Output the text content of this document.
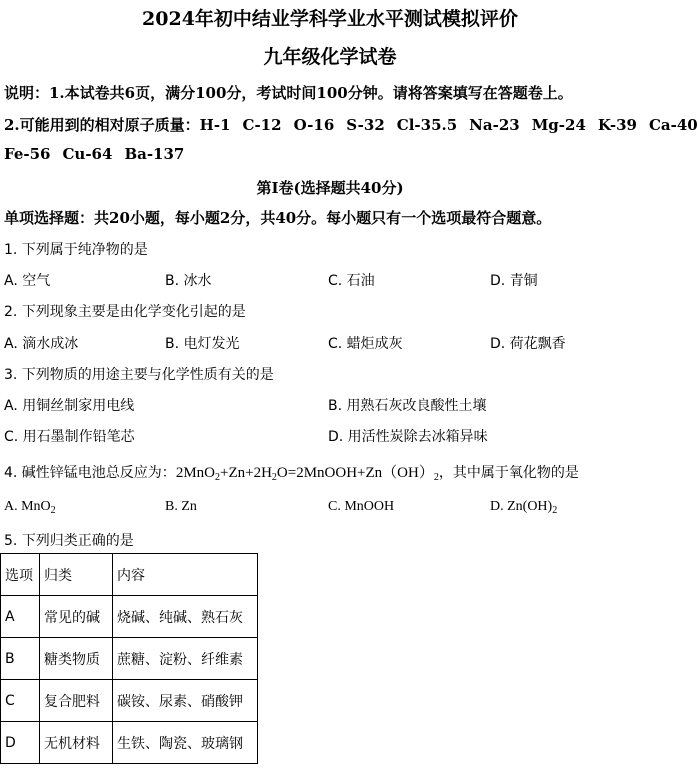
2024年初中结业学科学业水平测试模拟评价
九年级化学试卷
说明：1.本试卷共6页，满分100分，考试时间100分钟。请将答案填写在答题卷上。
2.可能用到的相对原子质量：H-1 C-12 O-16 S-32 Cl-35.5 Na-23 Mg-24 K-39 Ca-40
Fe-56 Cu-64 Ba-137
第I卷(选择题共40分)
单项选择题：共20小题，每小题2分，共40分。每小题只有一个选项最符合题意。
1. 下列属于纯净物的是
A. 空气	B. 冰水	C. 石油	D. 青铜
2. 下列现象主要是由化学变化引起的是
A. 滴水成冰	B. 电灯发光	C. 蜡炬成灰	D. 荷花飘香
3. 下列物质的用途主要与化学性质有关的是
A. 用铜丝制家用电线	B. 用熟石灰改良酸性土壤
C. 用石墨制作铅笔芯	D. 用活性炭除去冰箱异味
4. 碱性锌锰电池总反应为：$2MnO_2+Zn+2H_2O=2MnOOH+Zn(OH)_2$，其中属于氧化物的是
A. MnO$_2$	B. Zn	C. MnOOH	D. $Zn(OH)_2$
5. 下列归类正确的是
选项	归类	内容
A	常见的碱	烧碱、纯碱、熟石灰
B	糖类物质	蔗糖、淀粉、纤维素
C	复合肥料	碳铵、尿素、硝酸钾
D	无机材料	生铁、陶瓷、玻璃钢
